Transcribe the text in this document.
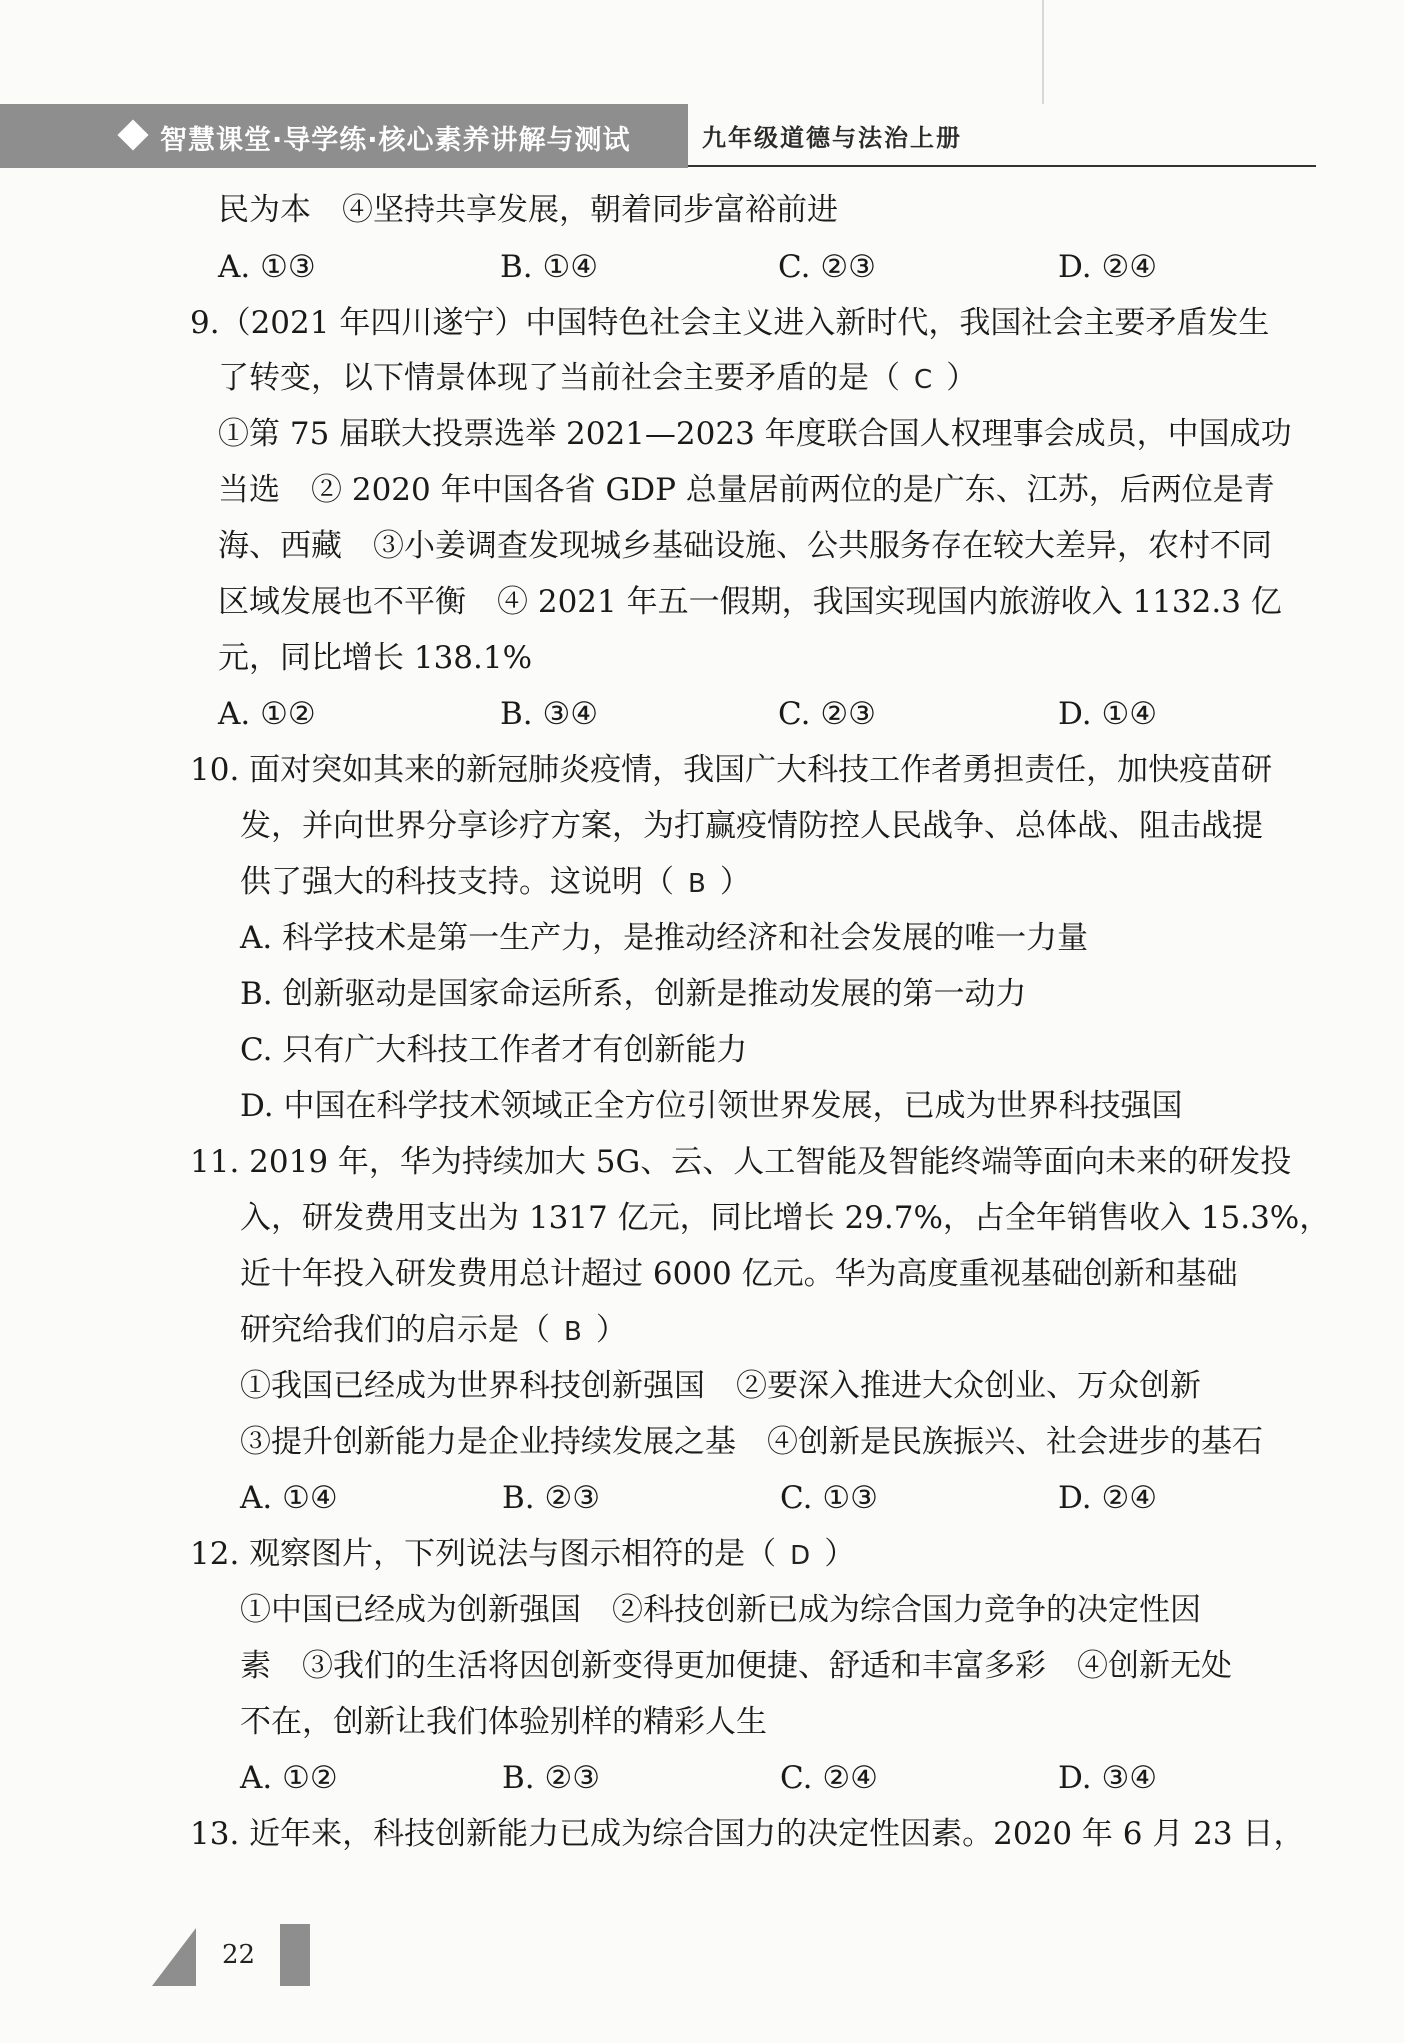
智慧课堂·导学练·核心素养讲解与测试	九年级道德与法治上册
民为本　④坚持共享发展，朝着同步富裕前进
A. ①③	B. ①④	C. ②③	D. ②④
9.（2021 年四川遂宁）中国特色社会主义进入新时代，我国社会主要矛盾发生
了转变，以下情景体现了当前社会主要矛盾的是（ C ）
①第 75 届联大投票选举 2021—2023 年度联合国人权理事会成员，中国成功
当选　② 2020 年中国各省 GDP 总量居前两位的是广东、江苏，后两位是青
海、西藏　③小姜调查发现城乡基础设施、公共服务存在较大差异，农村不同
区域发展也不平衡　④ 2021 年五一假期，我国实现国内旅游收入 1132.3 亿
元，同比增长 138.1%
A. ①②	B. ③④	C. ②③	D. ①④
10. 面对突如其来的新冠肺炎疫情，我国广大科技工作者勇担责任，加快疫苗研
发，并向世界分享诊疗方案，为打赢疫情防控人民战争、总体战、阻击战提
供了强大的科技支持。这说明（ B ）
A. 科学技术是第一生产力，是推动经济和社会发展的唯一力量
B. 创新驱动是国家命运所系，创新是推动发展的第一动力
C. 只有广大科技工作者才有创新能力
D. 中国在科学技术领域正全方位引领世界发展，已成为世界科技强国
11. 2019 年，华为持续加大 5G、云、人工智能及智能终端等面向未来的研发投
入，研发费用支出为 1317 亿元，同比增长 29.7%，占全年销售收入 15.3%，
近十年投入研发费用总计超过 6000 亿元。华为高度重视基础创新和基础
研究给我们的启示是（ B ）
①我国已经成为世界科技创新强国　②要深入推进大众创业、万众创新
③提升创新能力是企业持续发展之基　④创新是民族振兴、社会进步的基石
A. ①④	B. ②③	C. ①③	D. ②④
12. 观察图片，下列说法与图示相符的是（ D ）
①中国已经成为创新强国　②科技创新已成为综合国力竞争的决定性因
素　③我们的生活将因创新变得更加便捷、舒适和丰富多彩　④创新无处
不在，创新让我们体验别样的精彩人生
A. ①②	B. ②③	C. ②④	D. ③④
13. 近年来，科技创新能力已成为综合国力的决定性因素。2020 年 6 月 23 日，
22
